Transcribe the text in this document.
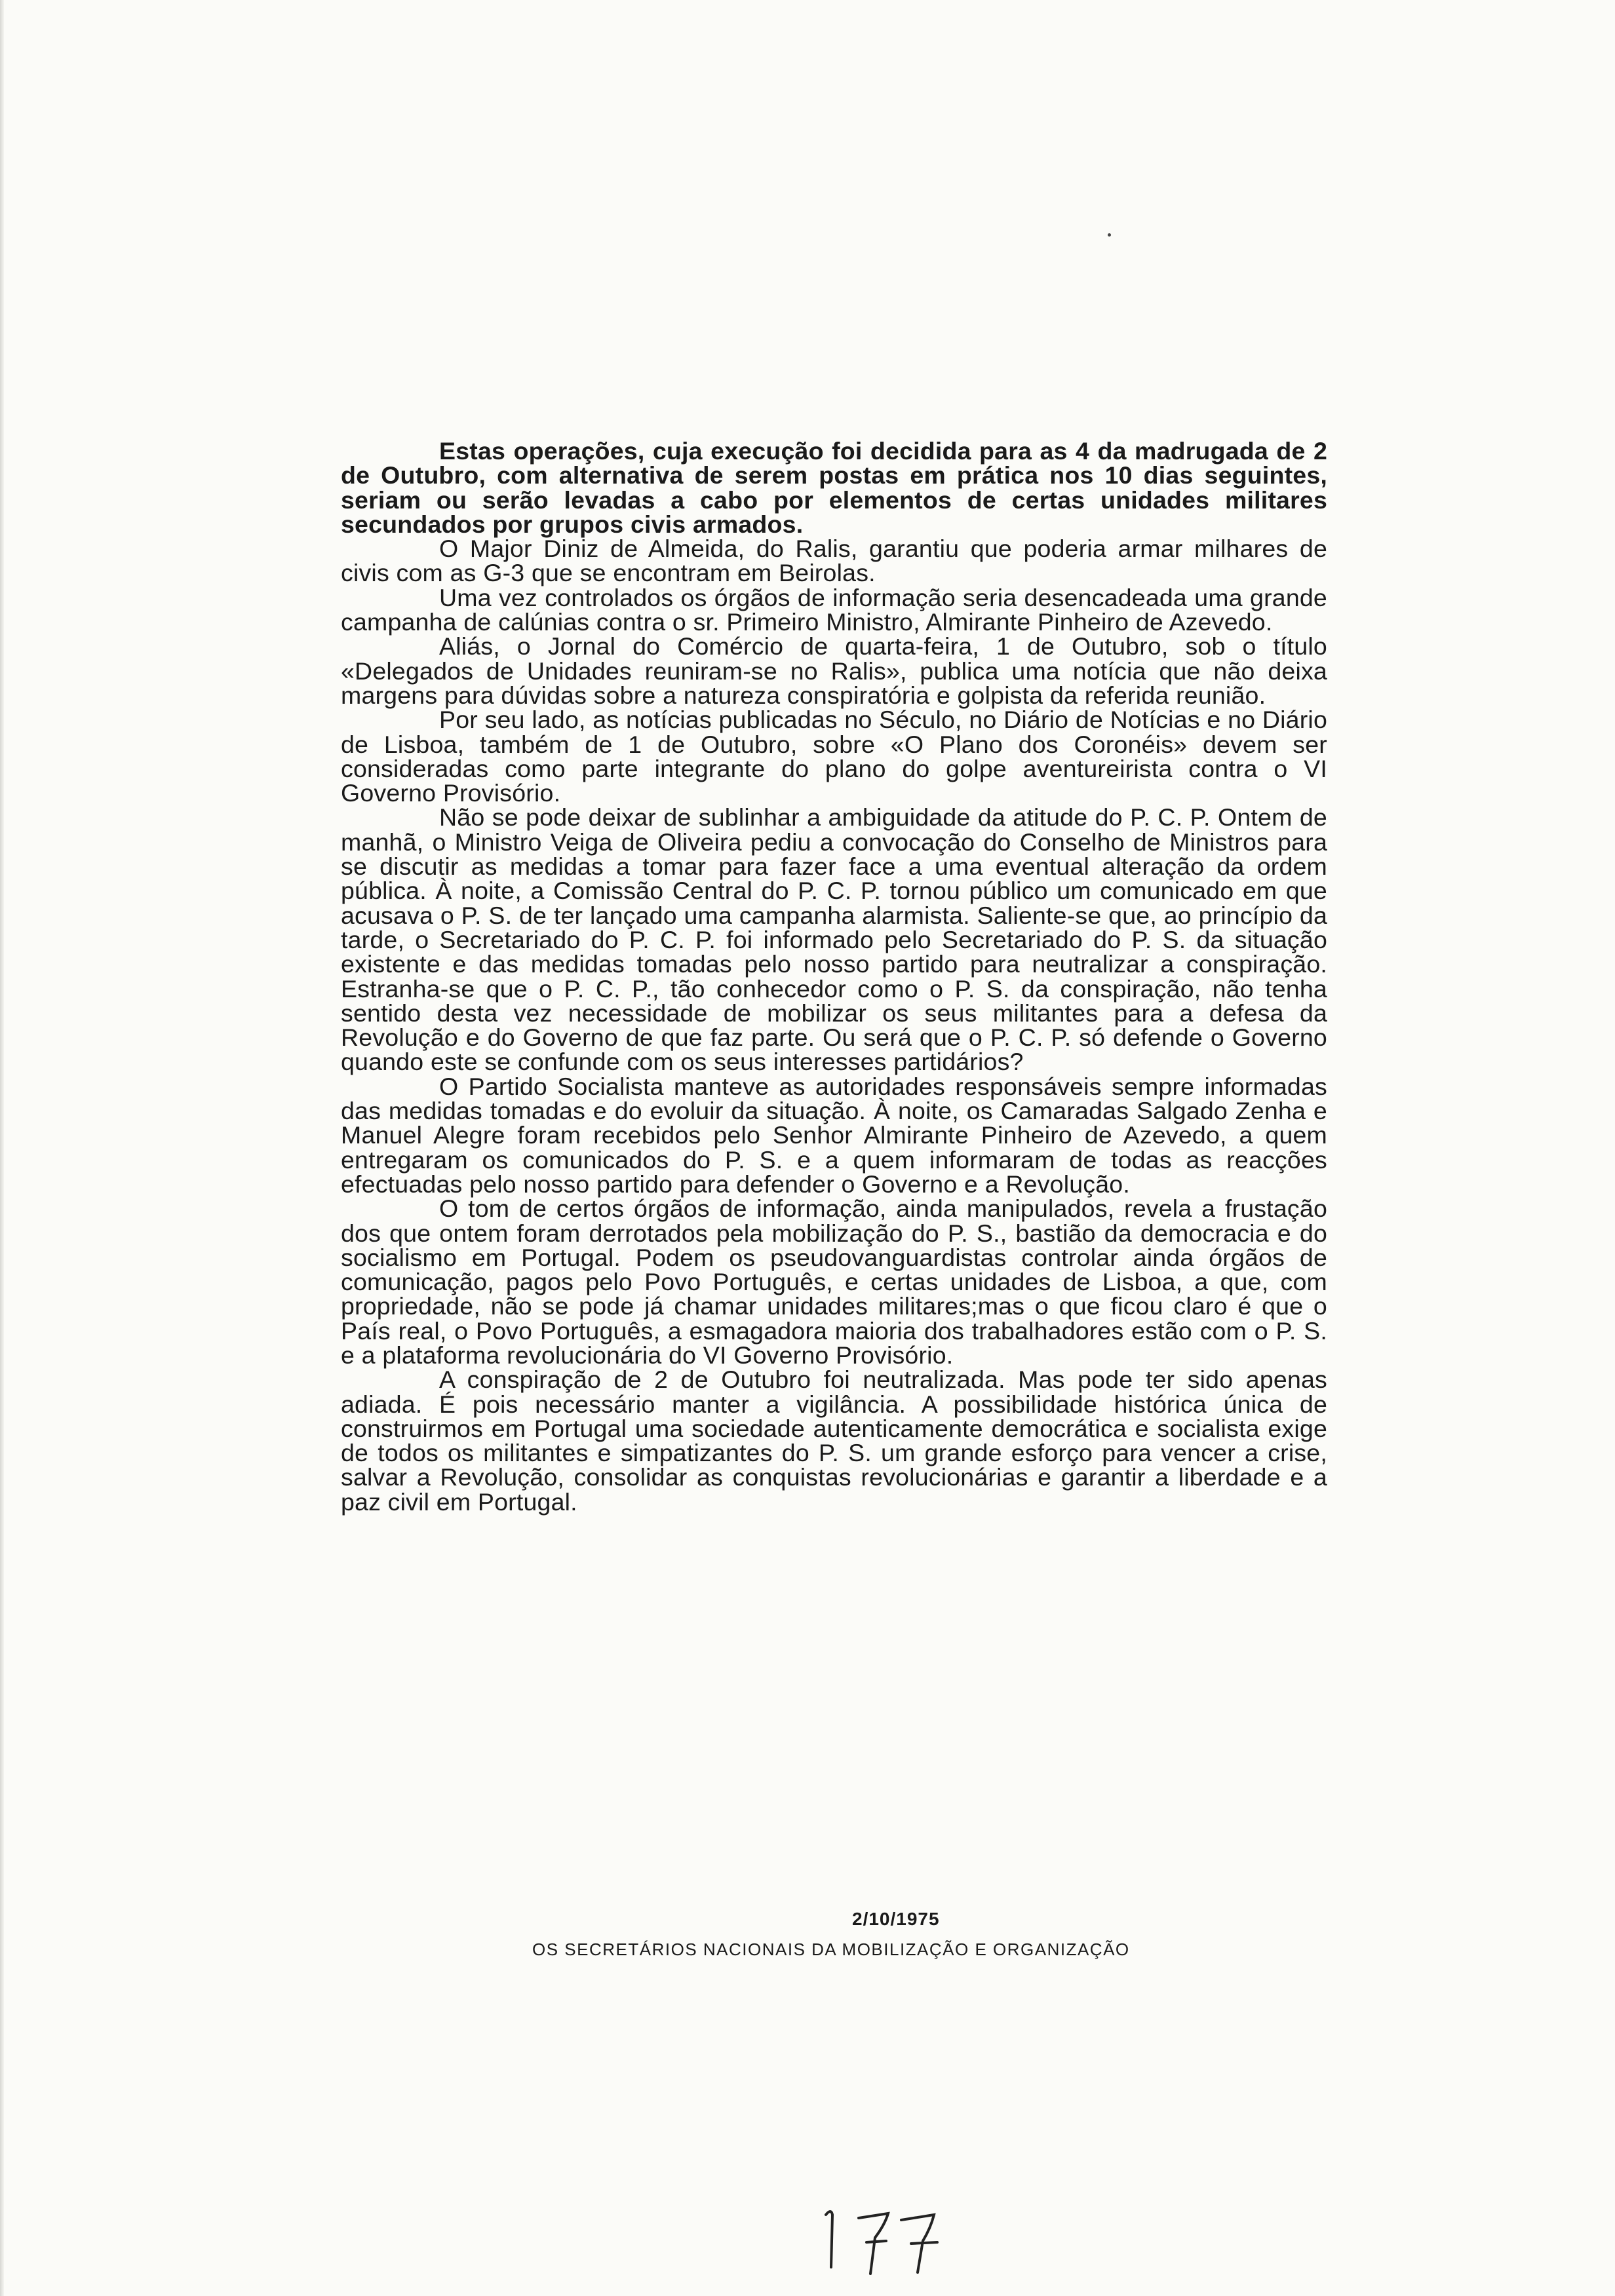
Estas operações, cuja execução foi decidida para as 4 da madrugada de 2 de Outubro, com alternativa de serem postas em prática nos 10 dias seguintes, seriam ou serão levadas a cabo por elementos de certas unidades militares secundados por grupos civis armados.

O Major Diniz de Almeida, do Ralis, garantiu que poderia armar milhares de civis com as G-3 que se encontram em Beirolas.

Uma vez controlados os órgãos de informação seria desencadeada uma grande campanha de calúnias contra o sr. Primeiro Ministro, Almirante Pinheiro de Azevedo.

Aliás, o Jornal do Comércio de quarta-feira, 1 de Outubro, sob o título «Delegados de Unidades reuniram-se no Ralis», publica uma notícia que não deixa margens para dúvidas sobre a natureza conspiratória e golpista da referida reunião.

Por seu lado, as notícias publicadas no Século, no Diário de Notícias e no Diário de Lisboa, também de 1 de Outubro, sobre «O Plano dos Coronéis» devem ser consideradas como parte integrante do plano do golpe aventureirista contra o VI Governo Provisório.

Não se pode deixar de sublinhar a ambiguidade da atitude do P. C. P. Ontem de manhã, o Ministro Veiga de Oliveira pediu a convocação do Conselho de Ministros para se discutir as medidas a tomar para fazer face a uma eventual alteração da ordem pública. À noite, a Comissão Central do P. C. P. tornou público um comunicado em que acusava o P. S. de ter lançado uma campanha alarmista. Saliente-se que, ao princípio da tarde, o Secretariado do P. C. P. foi informado pelo Secretariado do P. S. da situação existente e das medidas tomadas pelo nosso partido para neutralizar a conspiração. Estranha-se que o P. C. P., tão conhecedor como o P. S. da conspiração, não tenha sentido desta vez necessidade de mobilizar os seus militantes para a defesa da Revolução e do Governo de que faz parte. Ou será que o P. C. P. só defende o Governo quando este se confunde com os seus interesses partidários?

O Partido Socialista manteve as autoridades responsáveis sempre informadas das medidas tomadas e do evoluir da situação. À noite, os Camaradas Salgado Zenha e Manuel Alegre foram recebidos pelo Senhor Almirante Pinheiro de Azevedo, a quem entregaram os comunicados do P. S. e a quem informaram de todas as reacções efectuadas pelo nosso partido para defender o Governo e a Revolução.

O tom de certos órgãos de informação, ainda manipulados, revela a frustação dos que ontem foram derrotados pela mobilização do P. S., bastião da democracia e do socialismo em Portugal. Podem os pseudovanguardistas controlar ainda órgãos de comunicação, pagos pelo Povo Português, e certas unidades de Lisboa, a que, com propriedade, não se pode já chamar unidades militares;mas o que ficou claro é que o País real, o Povo Português, a esmagadora maioria dos trabalhadores estão com o P. S. e a plataforma revolucionária do VI Governo Provisório.

A conspiração de 2 de Outubro foi neutralizada. Mas pode ter sido apenas adiada. É pois necessário manter a vigilância. A possibilidade histórica única de construirmos em Portugal uma sociedade autenticamente democrática e socialista exige de todos os militantes e simpatizantes do P. S. um grande esforço para vencer a crise, salvar a Revolução, consolidar as conquistas revolucionárias e garantir a liberdade e a paz civil em Portugal.

2/10/1975
OS SECRETÁRIOS NACIONAIS DA MOBILIZAÇÃO E ORGANIZAÇÃO
